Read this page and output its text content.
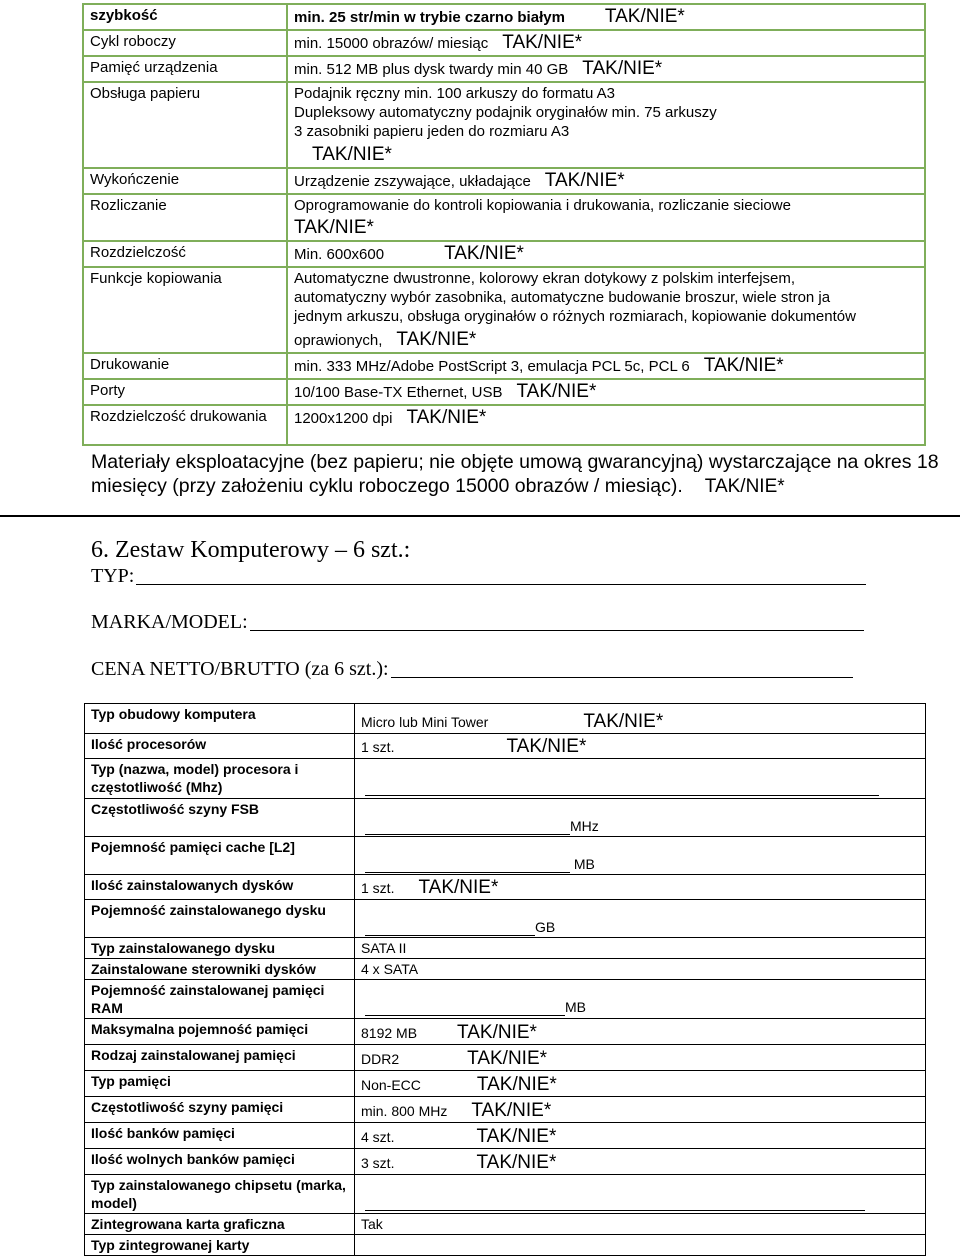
szybkość	min. 25 str/min w trybie czarno białym TAK/NIE*
Cykl roboczy	min. 15000 obrazów/ miesiąc TAK/NIE*
Pamięć urządzenia	min. 512 MB plus dysk twardy min 40 GB TAK/NIE*
Obsługa papieru	Podajnik ręczny min. 100 arkuszy do formatu A3
Dupleksowy automatyczny podajnik oryginałów min. 75 arkuszy
3 zasobniki papieru jeden do rozmiaru A3
TAK/NIE*

Wykończenie	Urządzenie zszywające, układające TAK/NIE*
Rozliczanie	Oprogramowanie do kontroli kopiowania i drukowania, rozliczanie sieciowe
TAK/NIE*

Rozdzielczość	Min. 600x600 TAK/NIE*
Funkcje kopiowania	Automatyczne dwustronne, kolorowy ekran dotykowy z polskim interfejsem,
automatyczny wybór zasobnika, automatyczne budowanie broszur, wiele stron ja
jednym arkuszu, obsługa oryginałów o różnych rozmiarach, kopiowanie dokumentów
oprawionych, TAK/NIE*

Drukowanie	min. 333 MHz/Adobe PostScript 3, emulacja PCL 5c, PCL 6 TAK/NIE*
Porty	10/100 Base-TX Ethernet, USB TAK/NIE*
Rozdzielczość drukowania	1200x1200 dpi TAK/NIE*
Materiały eksploatacyjne (bez papieru; nie objęte umową gwarancyjną) wystarczające na okres 18 miesięcy (przy założeniu cyklu roboczego 15000 obrazów / miesiąc). TAK/NIE*
6. Zestaw Komputerowy – 6 szt.:
TYP:
MARKA/MODEL:
CENA NETTO/BRUTTO (za 6 szt.):
Typ obudowy komputera	Micro lub Mini Tower TAK/NIE*
Ilość procesorów	1 szt. TAK/NIE*
Typ (nazwa, model) procesora i częstotliwość (Mhz)	

Częstotliwość szyny FSB	MHz

Pojemność pamięci cache [L2]	MB

Ilość zainstalowanych dysków	1 szt. TAK/NIE*
Pojemność zainstalowanego dysku	GB

Typ zainstalowanego dysku	SATA II
Zainstalowane sterowniki dysków	4 x SATA
Pojemność zainstalowanej pamięci RAM	MB

Maksymalna pojemność pamięci	8192 MB TAK/NIE*
Rodzaj zainstalowanej pamięci	DDR2 TAK/NIE*
Typ pamięci	Non-ECC TAK/NIE*
Częstotliwość szyny pamięci	min. 800 MHz TAK/NIE*
Ilość banków pamięci	4 szt. TAK/NIE*
Ilość wolnych banków pamięci	3 szt. TAK/NIE*
Typ zainstalowanego chipsetu (marka, model)	

Zintegrowana karta graficzna	Tak
Typ zintegrowanej karty	
